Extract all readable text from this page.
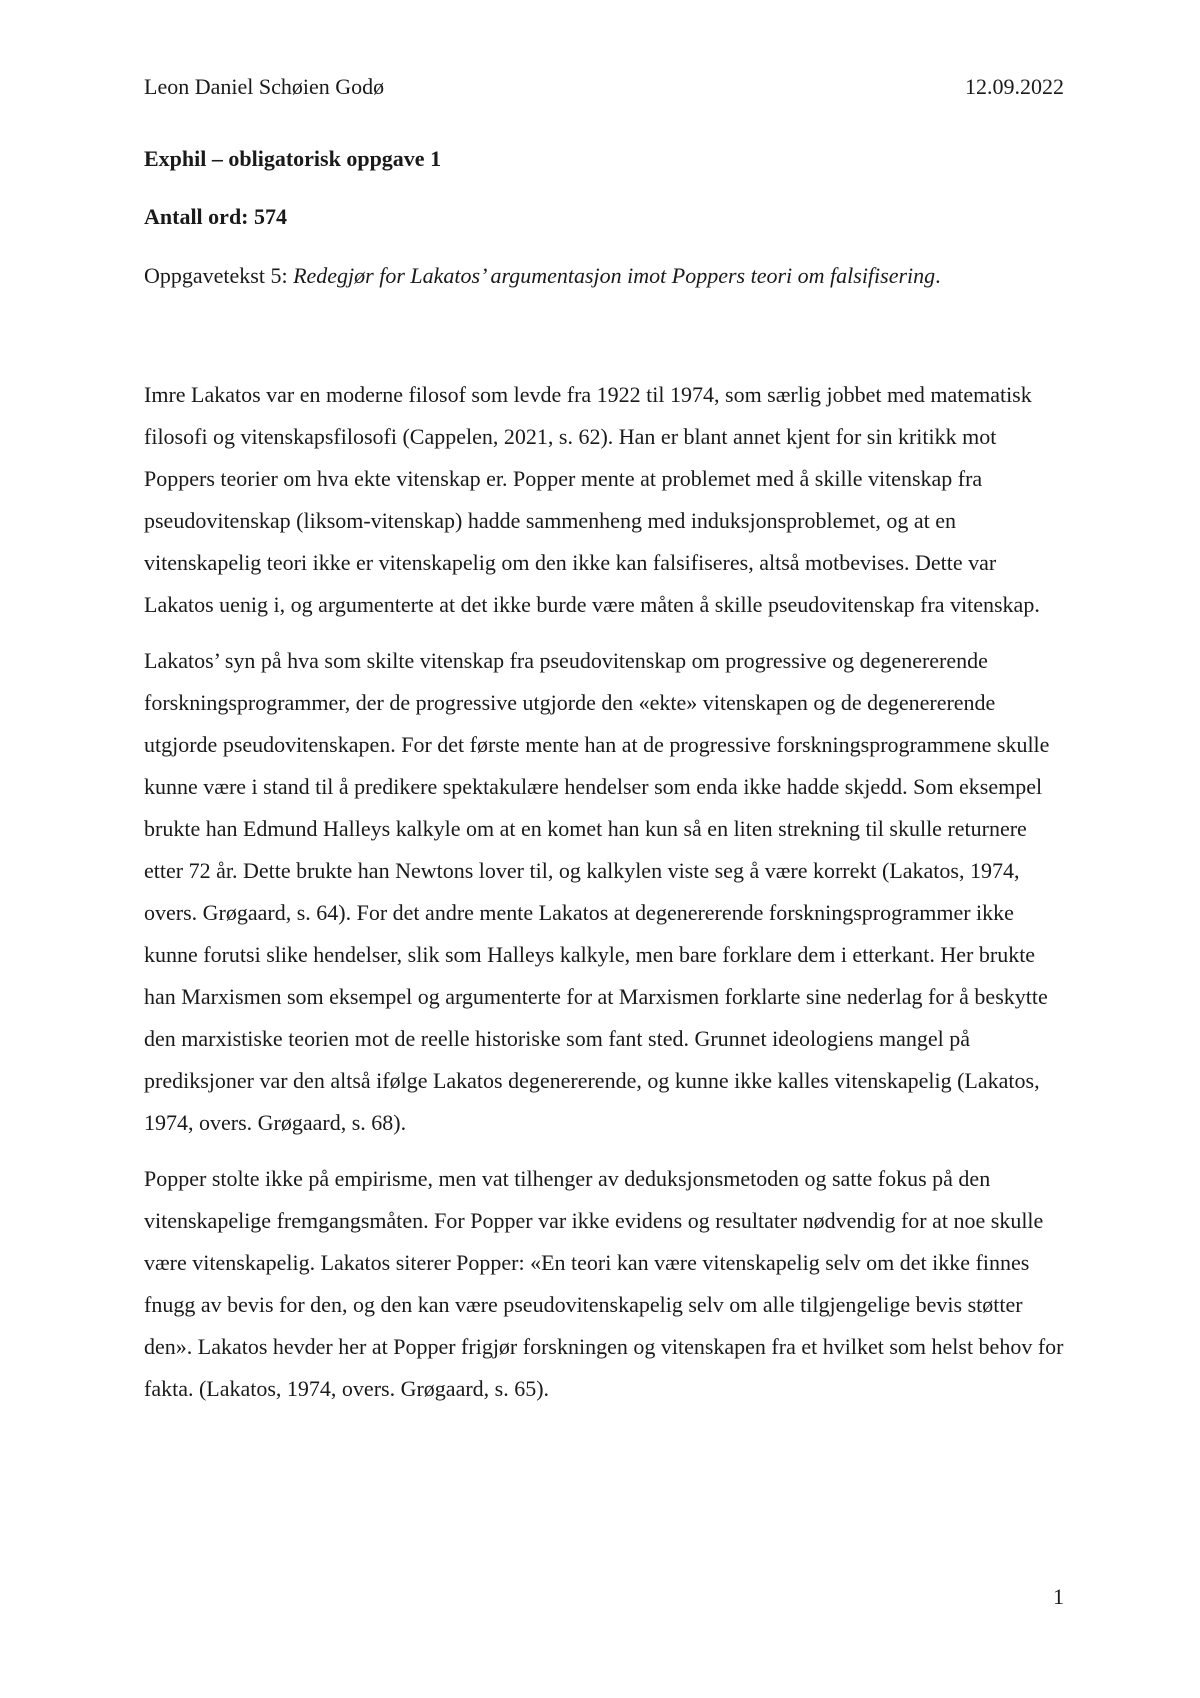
Leon Daniel Schøien Godø	12.09.2022
Exphil – obligatorisk oppgave 1
Antall ord: 574
Oppgavetekst 5: Redegjør for Lakatos’ argumentasjon imot Poppers teori om falsifisering.

Imre Lakatos var en moderne filosof som levde fra 1922 til 1974, som særlig jobbet med matematisk filosofi og vitenskapsfilosofi (Cappelen, 2021, s. 62). Han er blant annet kjent for sin kritikk mot Poppers teorier om hva ekte vitenskap er. Popper mente at problemet med å skille vitenskap fra pseudovitenskap (liksom-vitenskap) hadde sammenheng med induksjonsproblemet, og at en vitenskapelig teori ikke er vitenskapelig om den ikke kan falsifiseres, altså motbevises. Dette var Lakatos uenig i, og argumenterte at det ikke burde være måten å skille pseudovitenskap fra vitenskap.

Lakatos’ syn på hva som skilte vitenskap fra pseudovitenskap om progressive og degenererende forskningsprogrammer, der de progressive utgjorde den «ekte» vitenskapen og de degenererende utgjorde pseudovitenskapen. For det første mente han at de progressive forskningsprogrammene skulle kunne være i stand til å predikere spektakulære hendelser som enda ikke hadde skjedd. Som eksempel brukte han Edmund Halleys kalkyle om at en komet han kun så en liten strekning til skulle returnere etter 72 år. Dette brukte han Newtons lover til, og kalkylen viste seg å være korrekt (Lakatos, 1974, overs. Grøgaard, s. 64). For det andre mente Lakatos at degenererende forskningsprogrammer ikke kunne forutsi slike hendelser, slik som Halleys kalkyle, men bare forklare dem i etterkant. Her brukte han Marxismen som eksempel og argumenterte for at Marxismen forklarte sine nederlag for å beskytte den marxistiske teorien mot de reelle historiske som fant sted. Grunnet ideologiens mangel på prediksjoner var den altså ifølge Lakatos degenererende, og kunne ikke kalles vitenskapelig (Lakatos, 1974, overs. Grøgaard, s. 68).

Popper stolte ikke på empirisme, men vat tilhenger av deduksjonsmetoden og satte fokus på den vitenskapelige fremgangsmåten. For Popper var ikke evidens og resultater nødvendig for at noe skulle være vitenskapelig. Lakatos siterer Popper: «En teori kan være vitenskapelig selv om det ikke finnes fnugg av bevis for den, og den kan være pseudovitenskapelig selv om alle tilgjengelige bevis støtter den». Lakatos hevder her at Popper frigjør forskningen og vitenskapen fra et hvilket som helst behov for fakta. (Lakatos, 1974, overs. Grøgaard, s. 65).

1
